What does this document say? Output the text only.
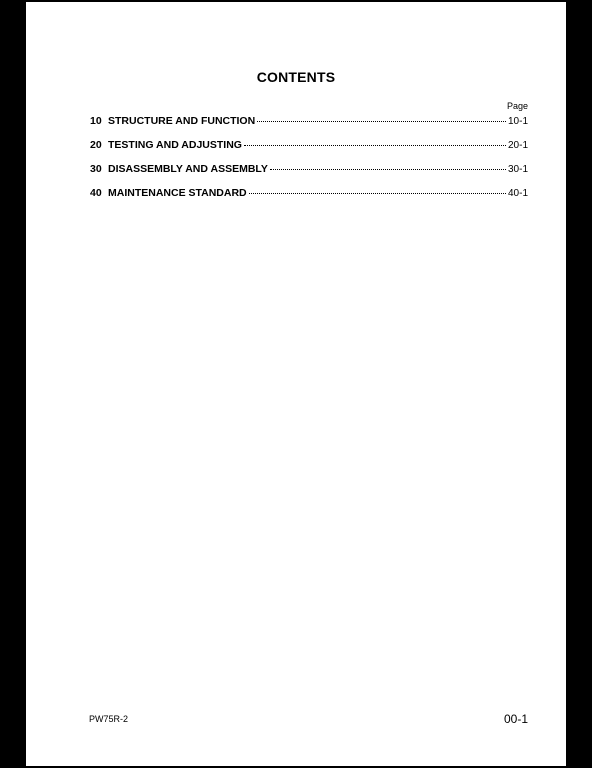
CONTENTS
Page
10 STRUCTURE AND FUNCTION	10-1
20 TESTING AND ADJUSTING	20-1
30 DISASSEMBLY AND ASSEMBLY	30-1
40 MAINTENANCE STANDARD	40-1
PW75R-2	00-1
